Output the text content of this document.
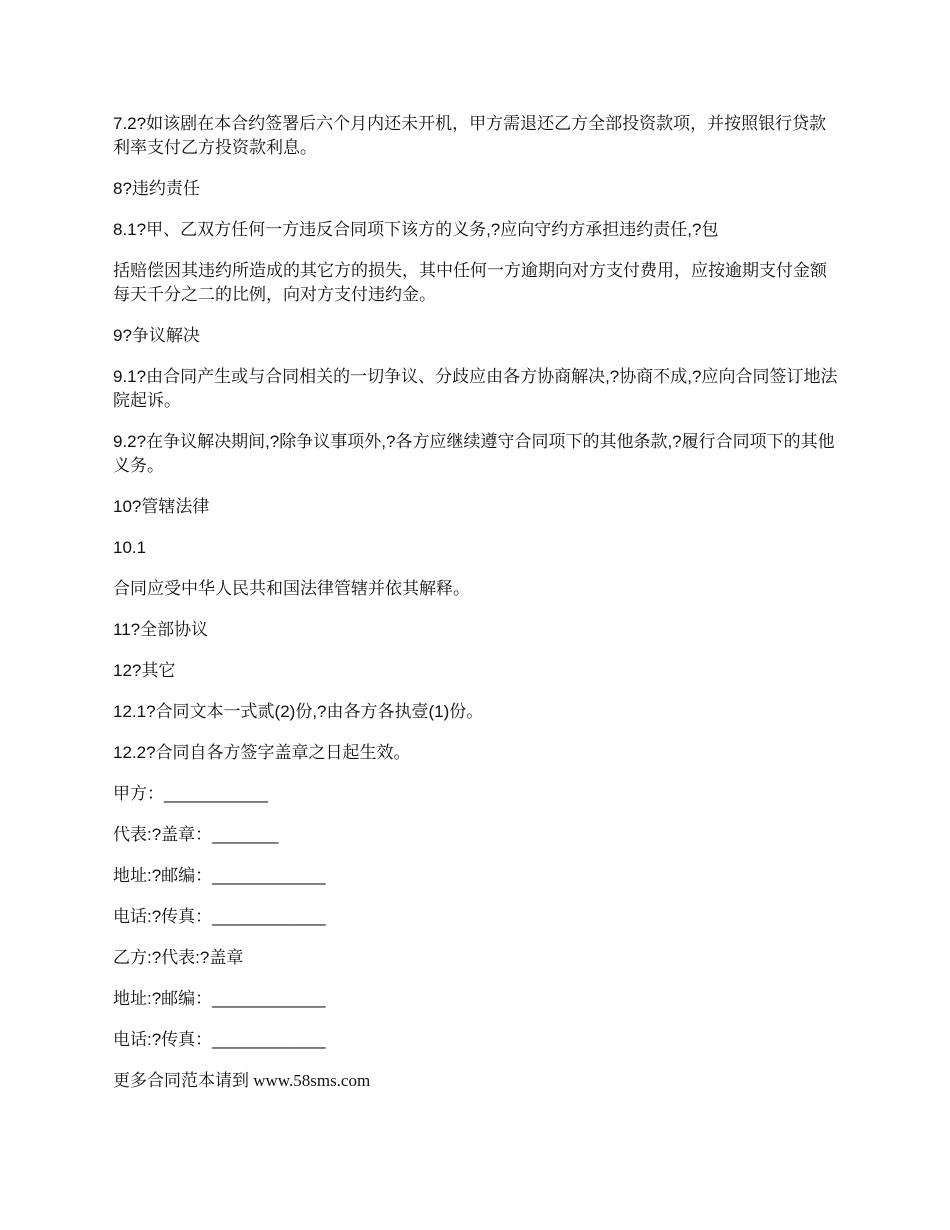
7.2?如该剧在本合约签署后六个月内还未开机，甲方需退还乙方全部投资款项，并按照银行贷款利率支付乙方投资款利息。

8?违约责任

8.1?甲、乙双方任何一方违反合同项下该方的义务,?应向守约方承担违约责任,?包

括赔偿因其违约所造成的其它方的损失，其中任何一方逾期向对方支付费用，应按逾期支付金额每天千分之二的比例，向对方支付违约金。

9?争议解决

9.1?由合同产生或与合同相关的一切争议、分歧应由各方协商解决,?协商不成,?应向合同签订地法院起诉。

9.2?在争议解决期间,?除争议事项外,?各方应继续遵守合同项下的其他条款,?履行合同项下的其他义务。

10?管辖法律

10.1

合同应受中华人民共和国法律管辖并依其解释。

11?全部协议

12?其它

12.1?合同文本一式贰(2)份,?由各方各执壹(1)份。

12.2?合同自各方签字盖章之日起生效。

甲方：___________

代表:?盖章：_______

地址:?邮编：____________

电话:?传真：____________

乙方:?代表:?盖章

地址:?邮编：____________

电话:?传真：____________

更多合同范本请到 www.58sms.com
